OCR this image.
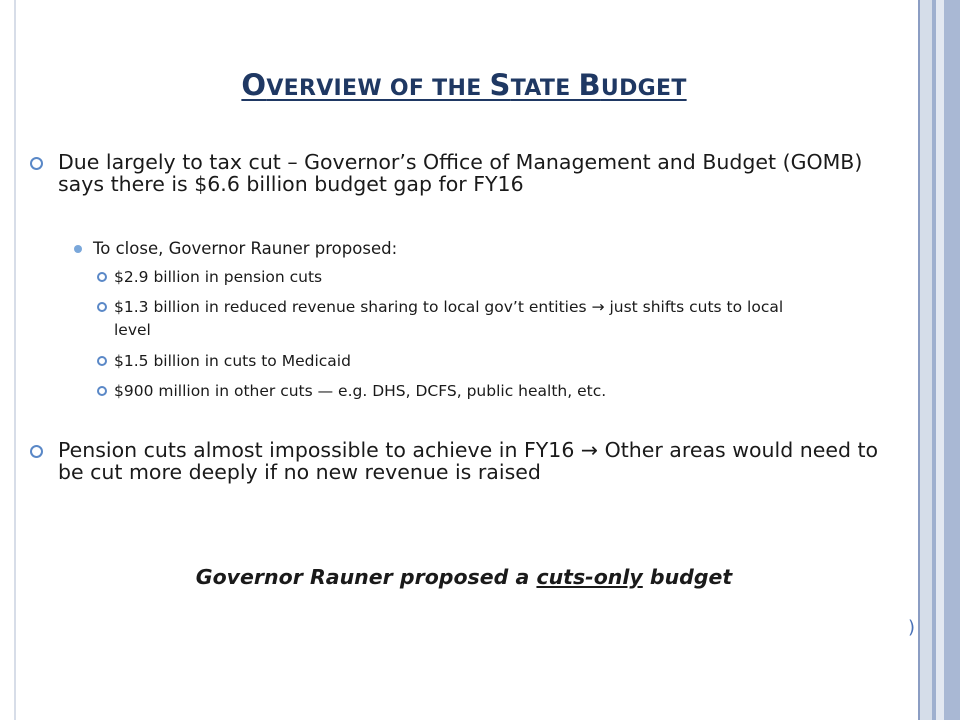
OVERVIEW OF THE STATE BUDGET
Due largely to tax cut – Governor’s Office of Management and Budget (GOMB) says there is $6.6 billion budget gap for FY16
To close, Governor Rauner proposed:
$2.9 billion in pension cuts
$1.3 billion in reduced revenue sharing to local gov’t entities → just shifts cuts to local level
$1.5 billion in cuts to Medicaid
$900 million in other cuts — e.g. DHS, DCFS, public health, etc.
Pension cuts almost impossible to achieve in FY16 → Other areas would need to be cut more deeply if no new revenue is raised
Governor Rauner proposed a cuts-only budget
)
